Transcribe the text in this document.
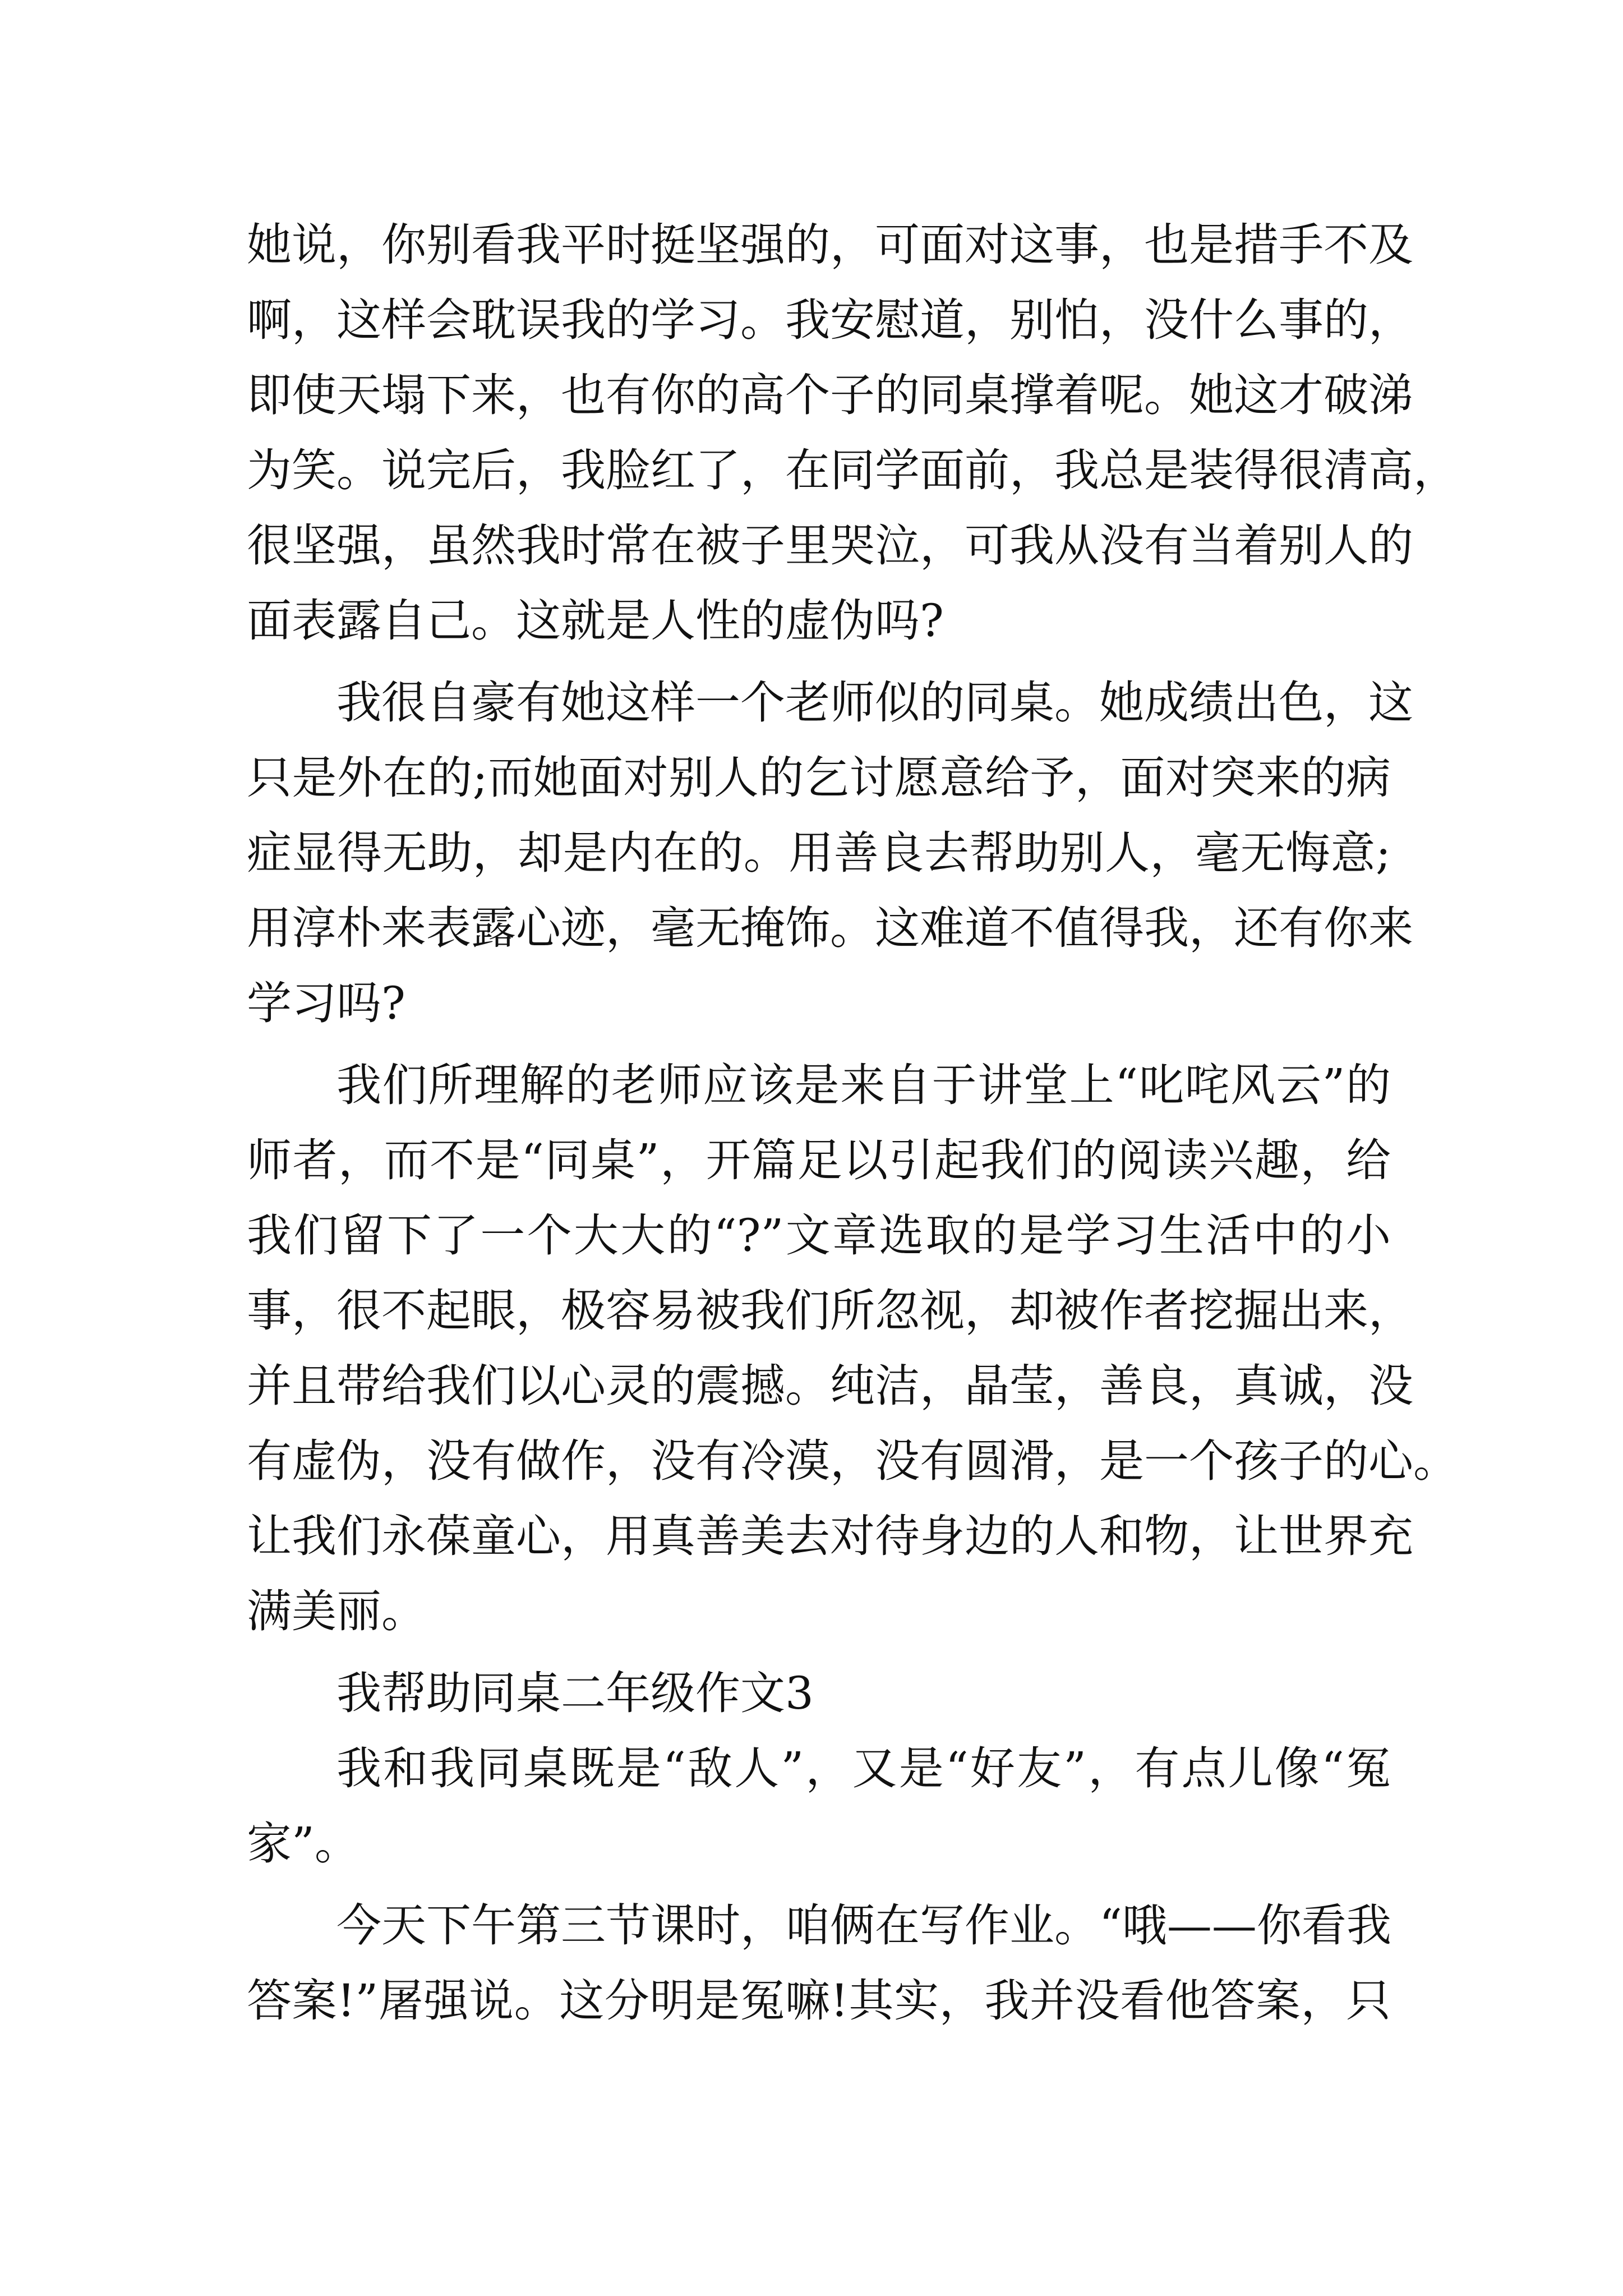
她说，你别看我平时挺坚强的，可面对这事，也是措手不及
啊，这样会耽误我的学习。我安慰道，别怕，没什么事的，
即使天塌下来，也有你的高个子的同桌撑着呢。她这才破涕
为笑。说完后，我脸红了，在同学面前，我总是装得很清高，
很坚强，虽然我时常在被子里哭泣，可我从没有当着别人的
面表露自己。这就是人性的虚伪吗?
我很自豪有她这样一个老师似的同桌。她成绩出色，这
只是外在的;而她面对别人的乞讨愿意给予，面对突来的病
症显得无助，却是内在的。用善良去帮助别人，毫无悔意;
用淳朴来表露心迹，毫无掩饰。这难道不值得我，还有你来
学习吗?
我们所理解的老师应该是来自于讲堂上“叱咤风云”的
师者，而不是“同桌”，开篇足以引起我们的阅读兴趣，给
我们留下了一个大大的“?”文章选取的是学习生活中的小
事，很不起眼，极容易被我们所忽视，却被作者挖掘出来，
并且带给我们以心灵的震撼。纯洁，晶莹，善良，真诚，没
有虚伪，没有做作，没有冷漠，没有圆滑，是一个孩子的心。
让我们永葆童心，用真善美去对待身边的人和物，让世界充
满美丽。
我帮助同桌二年级作文3
我和我同桌既是“敌人”，又是“好友”，有点儿像“冤
家”。
今天下午第三节课时，咱俩在写作业。“哦——你看我
答案!”屠强说。这分明是冤嘛!其实，我并没看他答案，只
